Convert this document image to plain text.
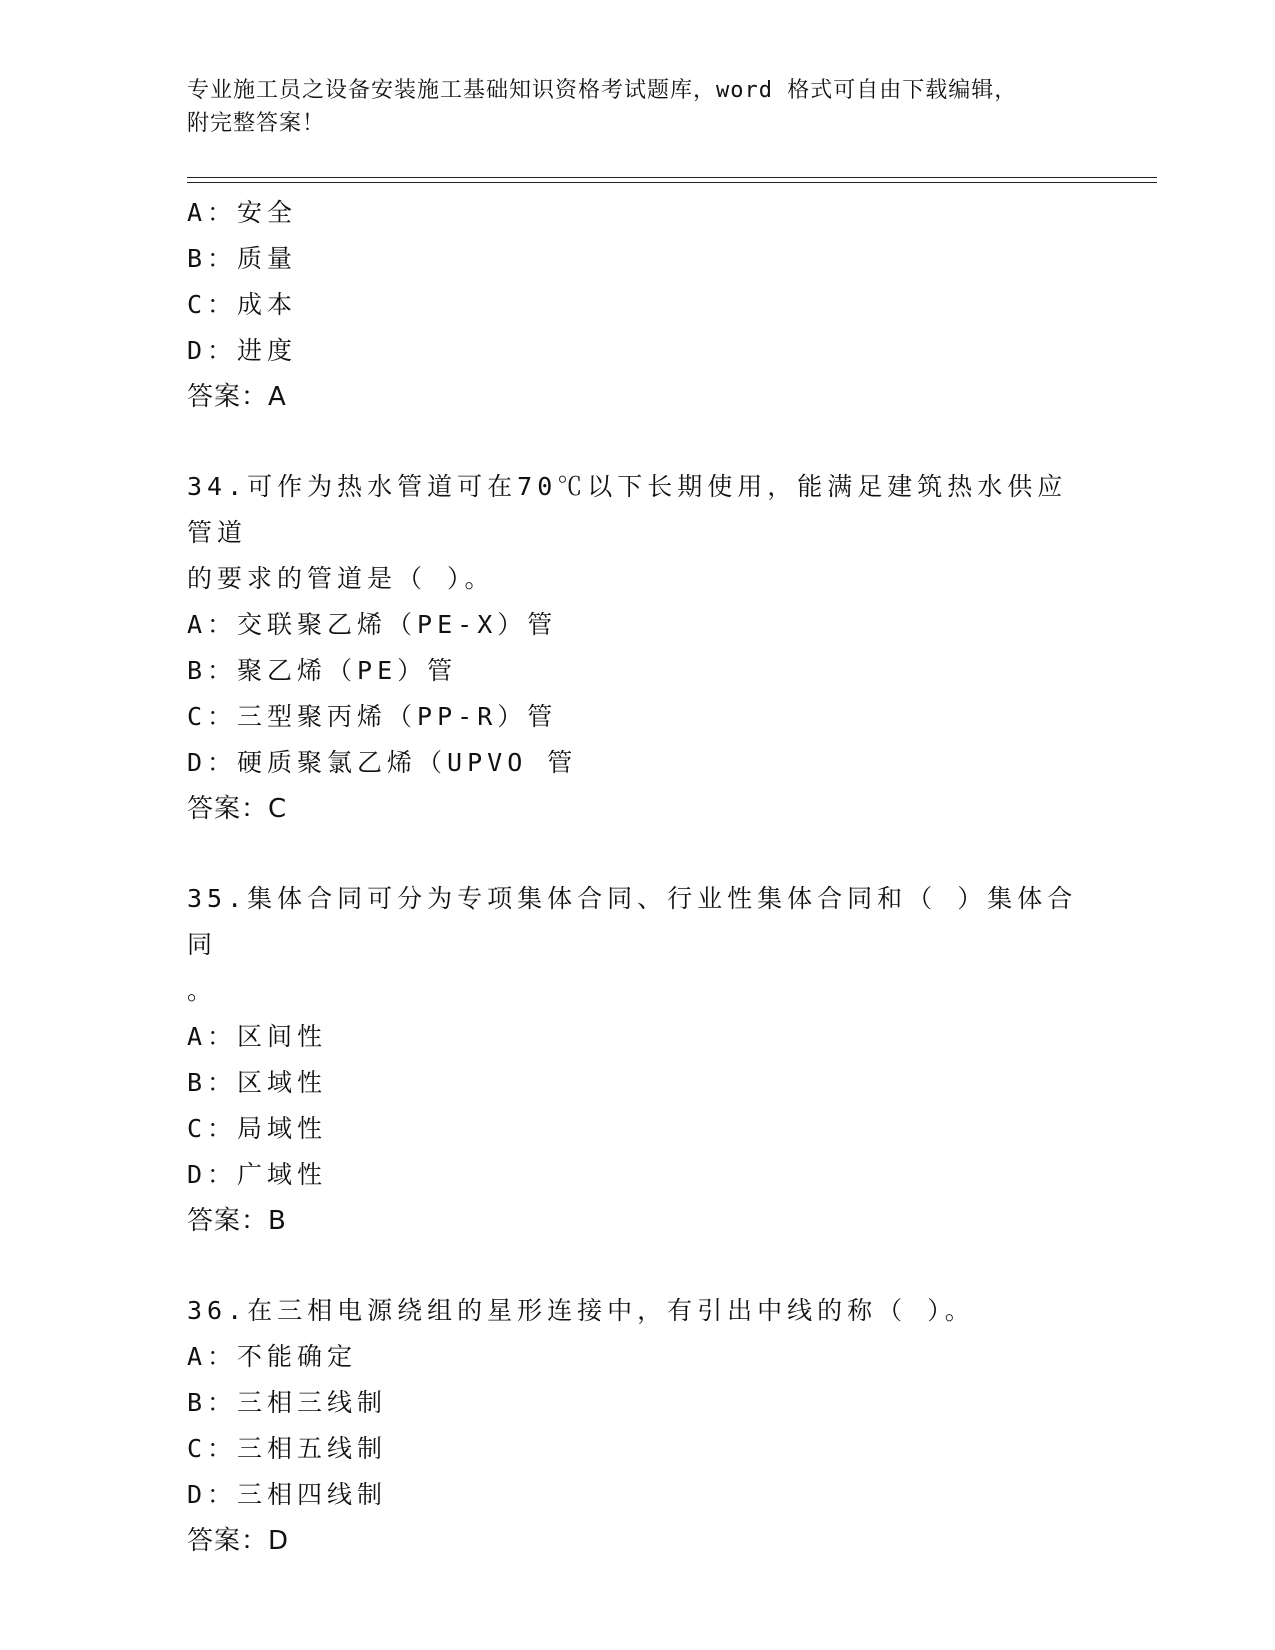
专业施工员之设备安装施工基础知识资格考试题库，word 格式可自由下载编辑，
附完整答案！
A：安全
B：质量
C：成本
D：进度
答案：A
34.可作为热水管道可在70℃以下长期使用，能满足建筑热水供应管道
的要求的管道是（ ）。
A：交联聚乙烯（PE-X）管
B：聚乙烯（PE）管
C：三型聚丙烯（PP-R）管
D：硬质聚氯乙烯（UPVO 管
答案：C
35.集体合同可分为专项集体合同、行业性集体合同和（ ）集体合同
。
A：区间性
B：区域性
C：局域性
D：广域性
答案：B
36.在三相电源绕组的星形连接中，有引出中线的称（ ）。
A：不能确定
B：三相三线制
C：三相五线制
D：三相四线制
答案：D
